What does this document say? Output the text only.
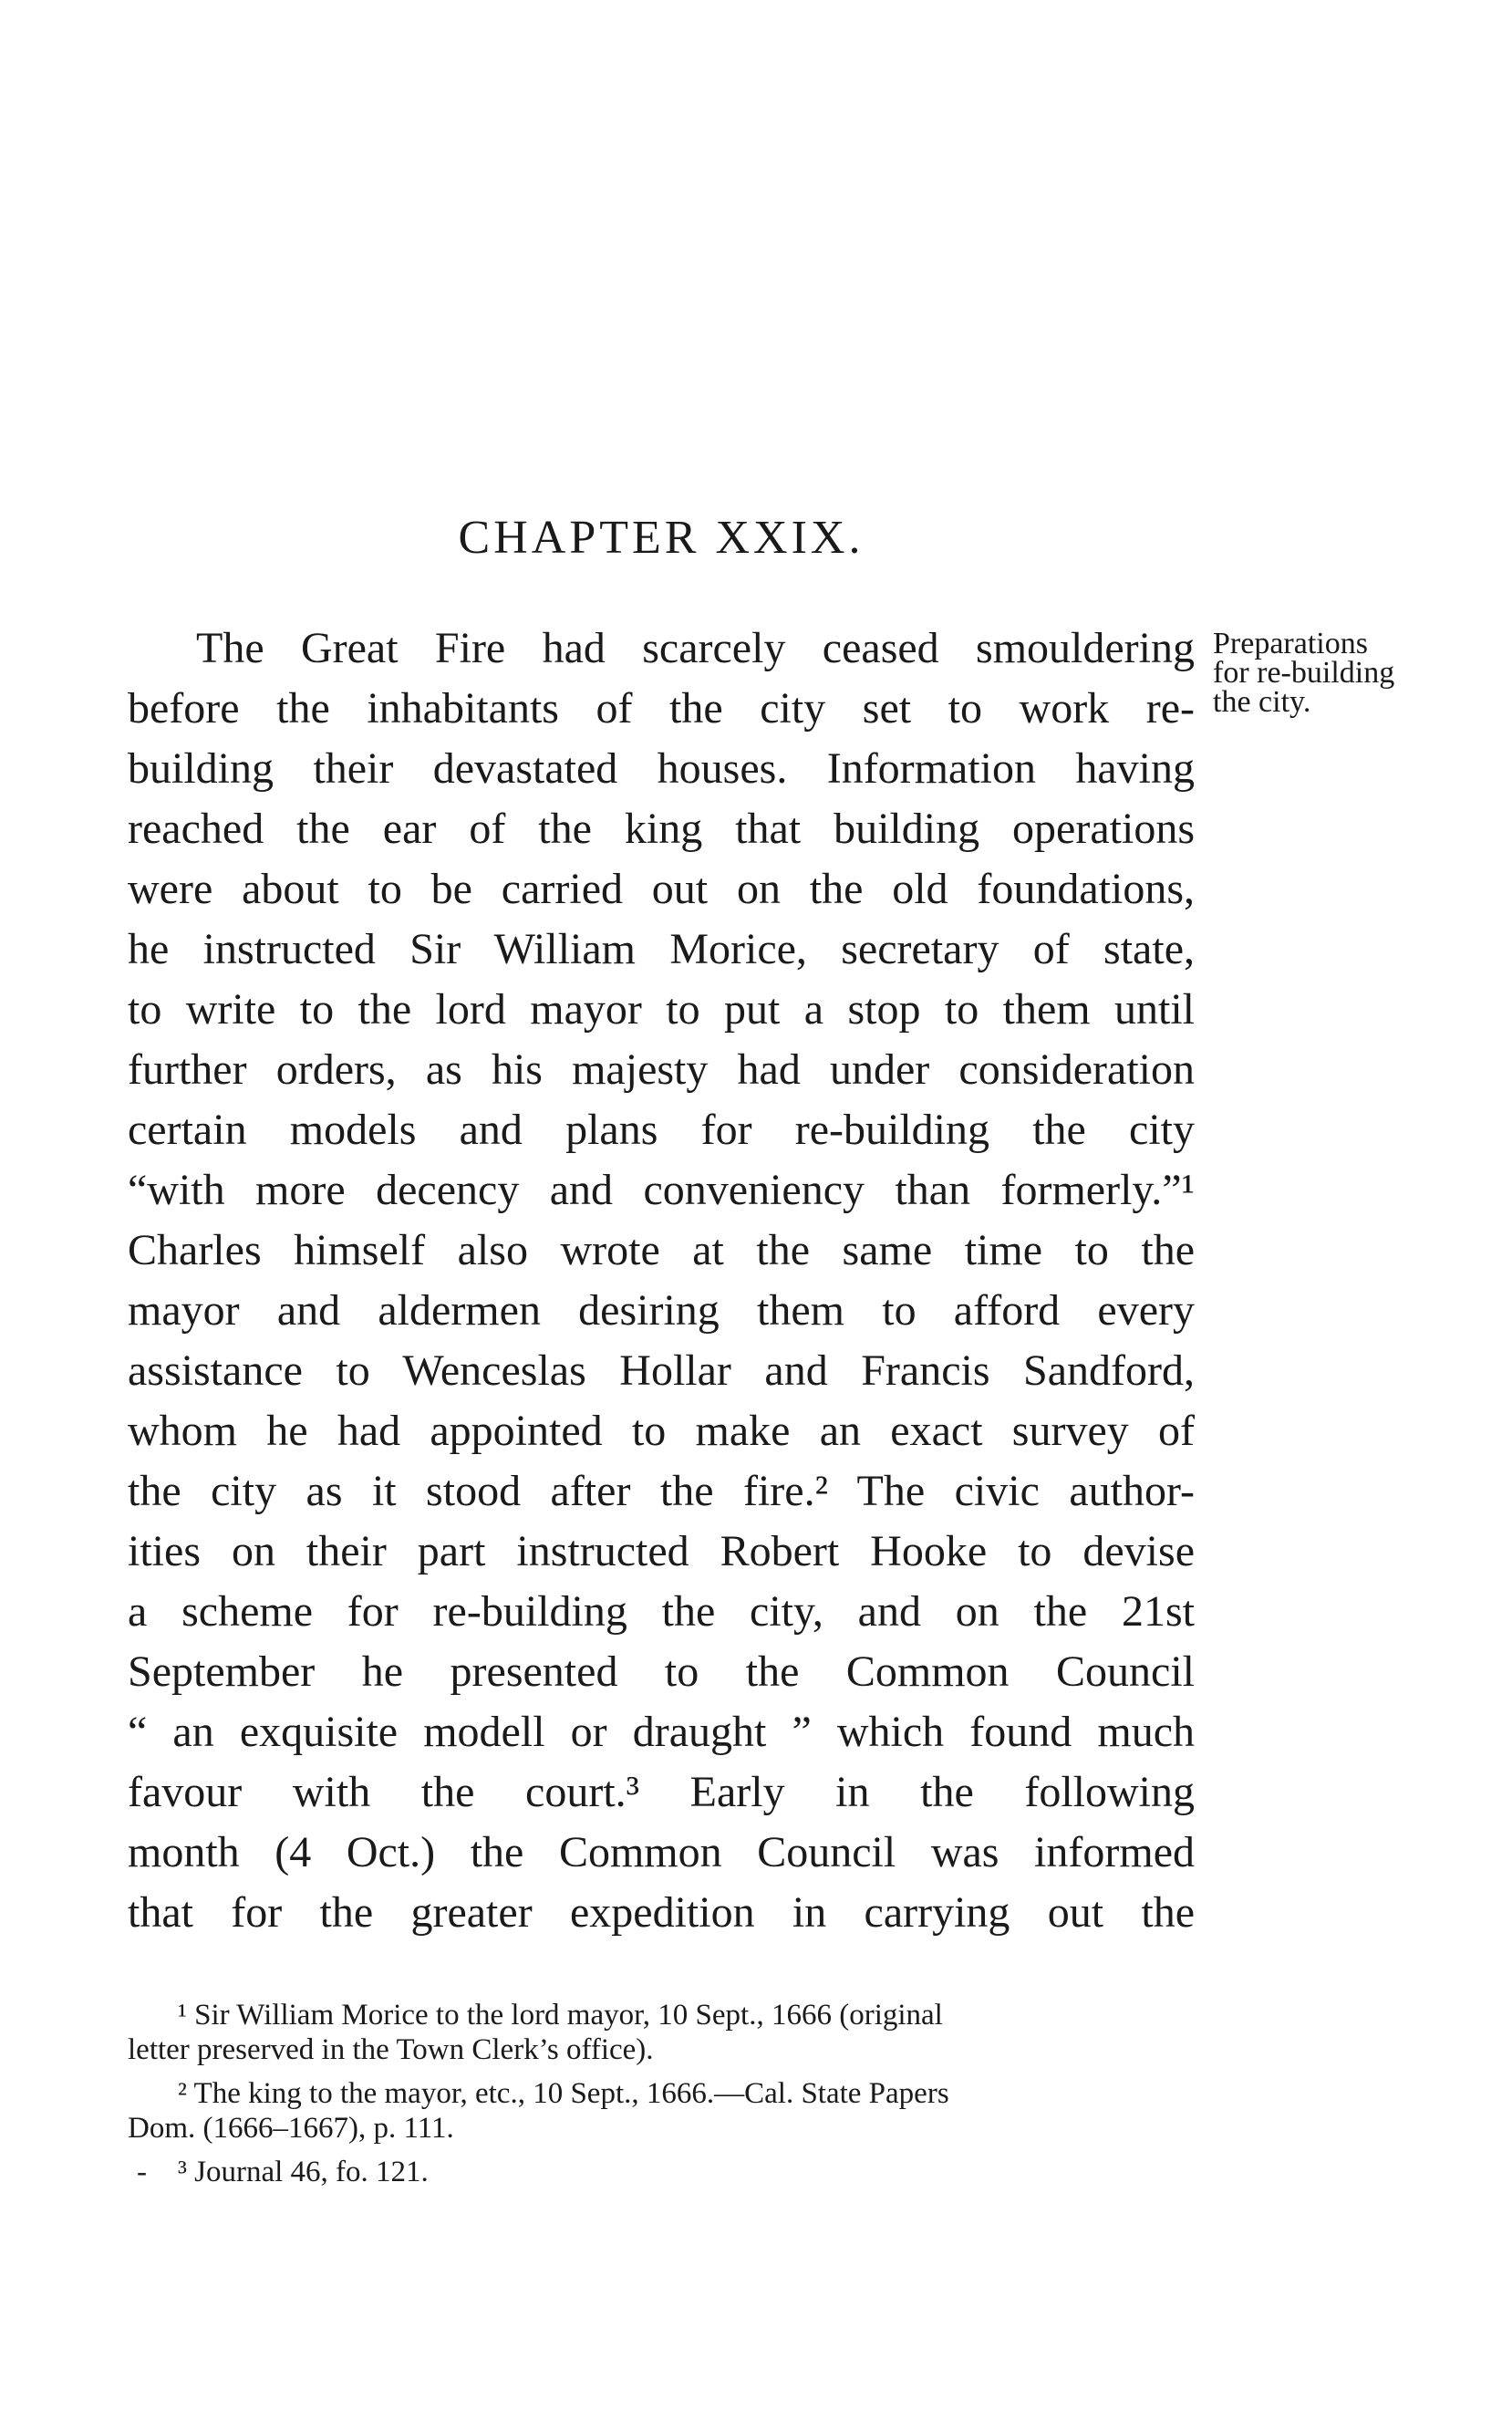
CHAPTER XXIX.
Preparations
for re-building
the city.
The Great Fire had scarcely ceased smouldering
before the inhabitants of the city set to work re-
building their devastated houses. Information having
reached the ear of the king that building operations
were about to be carried out on the old foundations,
he instructed Sir William Morice, secretary of state,
to write to the lord mayor to put a stop to them until
further orders, as his majesty had under consideration
certain models and plans for re-building the city
“with more decency and conveniency than formerly.”¹
Charles himself also wrote at the same time to the
mayor and aldermen desiring them to afford every
assistance to Wenceslas Hollar and Francis Sandford,
whom he had appointed to make an exact survey of
the city as it stood after the fire.² The civic author-
ities on their part instructed Robert Hooke to devise
a scheme for re-building the city, and on the 21st
September he presented to the Common Council
“ an exquisite modell or draught ” which found much
favour with the court.³ Early in the following
month (4 Oct.) the Common Council was informed
that for the greater expedition in carrying out the
¹ Sir William Morice to the lord mayor, 10 Sept., 1666 (original
letter preserved in the Town Clerk’s office).
² The king to the mayor, etc., 10 Sept., 1666.—Cal. State Papers
Dom. (1666–1667), p. 111.
-	³ Journal 46, fo. 121.
